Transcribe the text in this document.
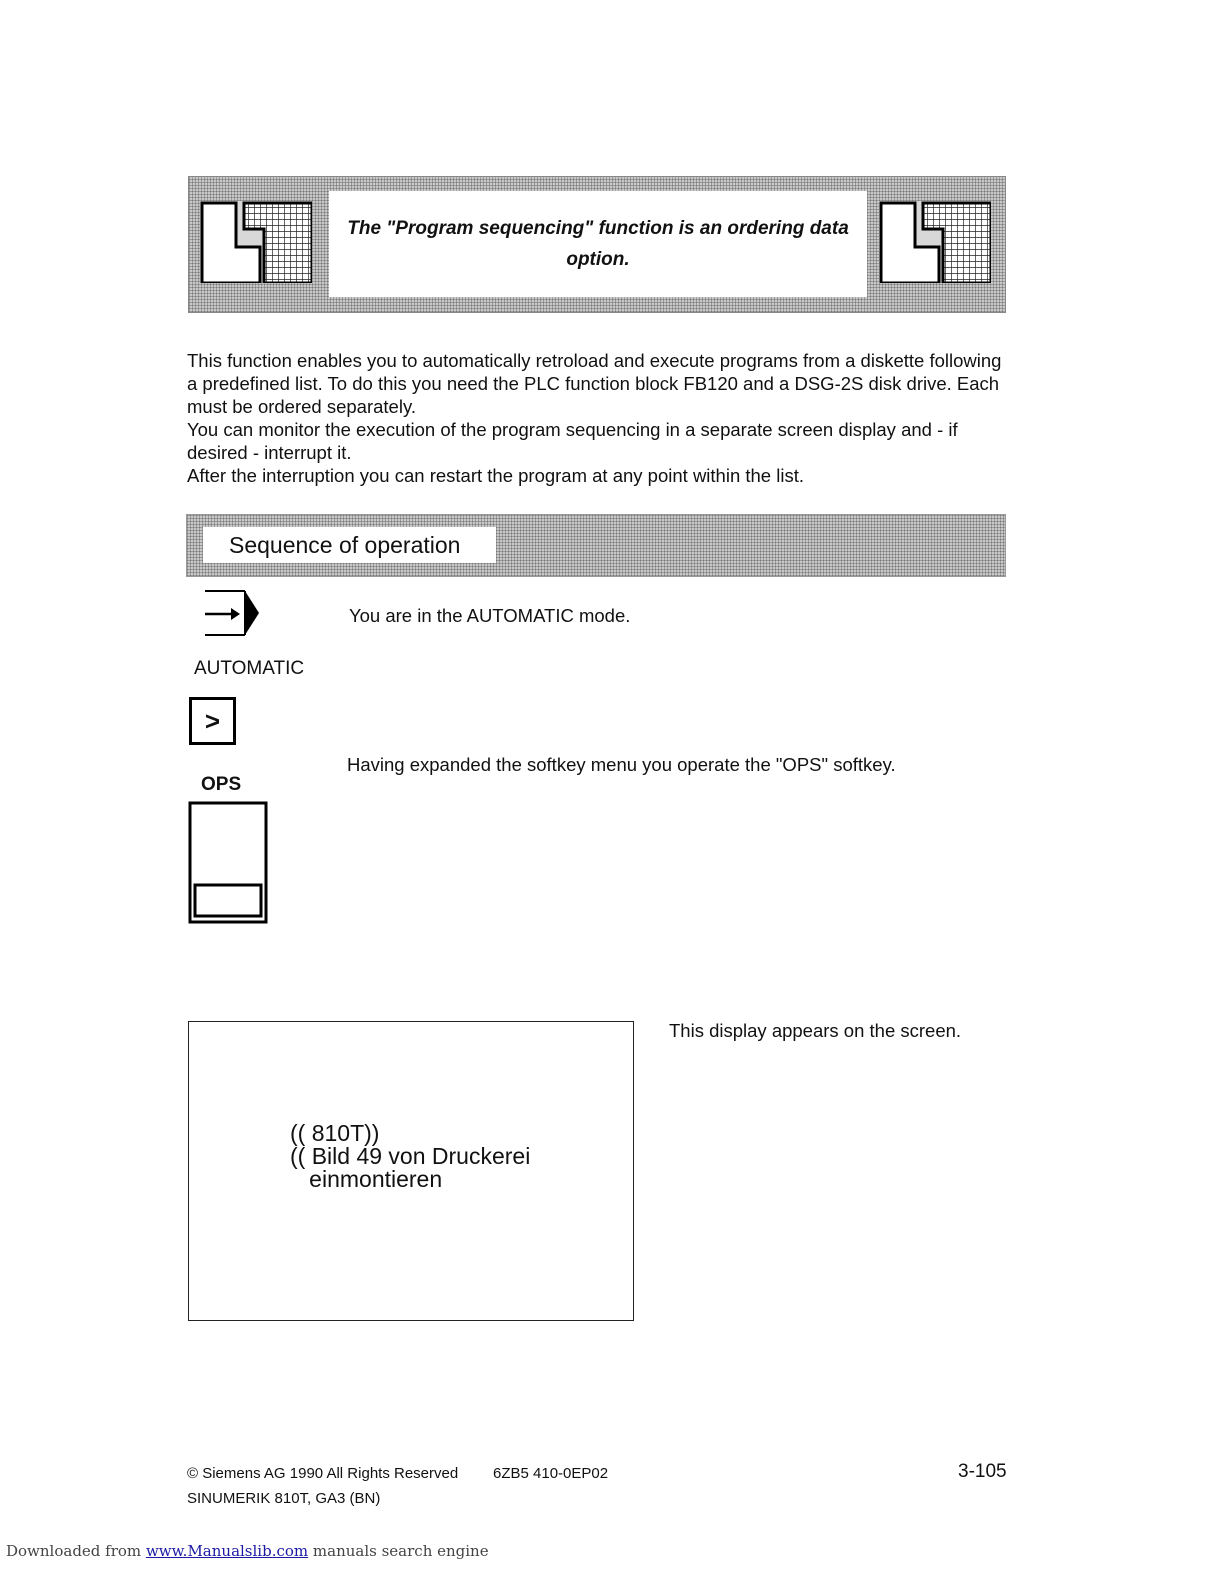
The "Program sequencing" function is an ordering data option.

This function enables you to automatically retroload and execute programs from a diskette following a predefined list. To do this you need the PLC function block FB120 and a DSG-2S disk drive. Each must be ordered separately.

You can monitor the execution of the program sequencing in a separate screen display and - if desired - interrupt it.

After the interruption you can restart the program at any point within the list.

Sequence of operation
You are in the AUTOMATIC mode.
AUTOMATIC
>
Having expanded the softkey menu you operate the "OPS" softkey.
OPS
This display appears on the screen.
(( 810T))
(( Bild 49 von Druckerei
einmontieren
© Siemens AG 1990 All Rights Reserved 6ZB5 410-0EP02	3-105
SINUMERIK 810T, GA3 (BN)
Downloaded from www.Manualslib.com manuals search engine
